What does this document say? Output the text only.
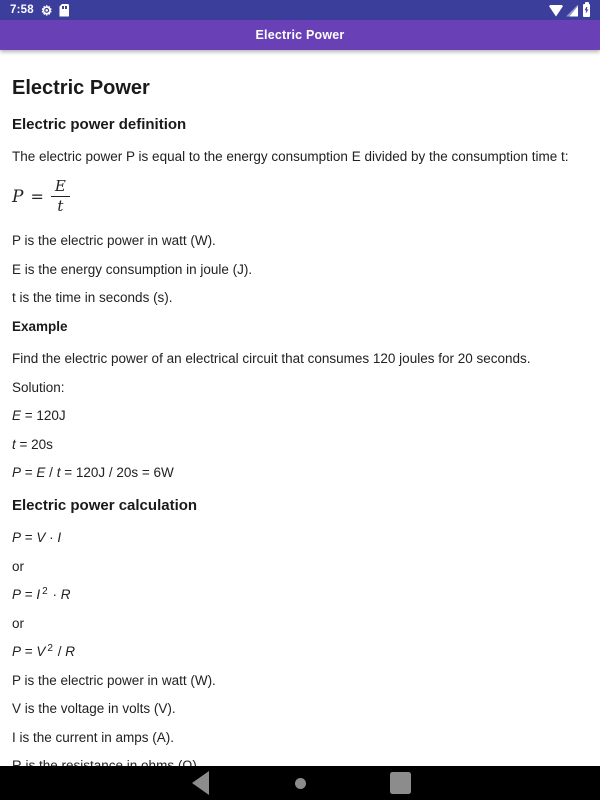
7:58 ⚙
Electric Power
Electric Power
Electric power definition

The electric power P is equal to the energy consumption E divided by the consumption time t:

$P = \frac{E}{t}$

P is the electric power in watt (W).

E is the energy consumption in joule (J).

t is the time in seconds (s).

Example

Find the electric power of an electrical circuit that consumes 120 joules for 20 seconds.

Solution:

E = 120J

t = 20s

P = E / t = 120J / 20s = 6W

Electric power calculation

P = V · I

or

P = I $^2$ · R

or

P = V $^2$ / R

P is the electric power in watt (W).

V is the voltage in volts (V).

I is the current in amps (A).
